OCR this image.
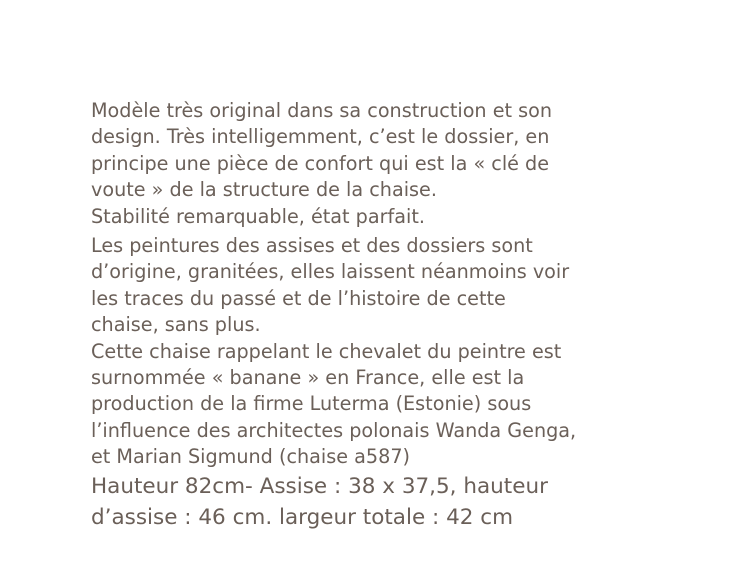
Modèle très original dans sa construction et son
design. Très intelligemment, c’est le dossier, en
principe une pièce de confort qui est la « clé de
voute » de la structure de la chaise.

Stabilité remarquable, état parfait.

Les peintures des assises et des dossiers sont
d’origine, granitées, elles laissent néanmoins voir
les traces du passé et de l’histoire de cette
chaise, sans plus.

Cette chaise rappelant le chevalet du peintre est
surnommée « banane » en France, elle est la
production de la firme Luterma (Estonie) sous
l’influence des architectes polonais Wanda Genga,
et Marian Sigmund (chaise a587)

Hauteur 82cm- Assise : 38 x 37,5, hauteur
d’assise : 46 cm. largeur totale : 42 cm
